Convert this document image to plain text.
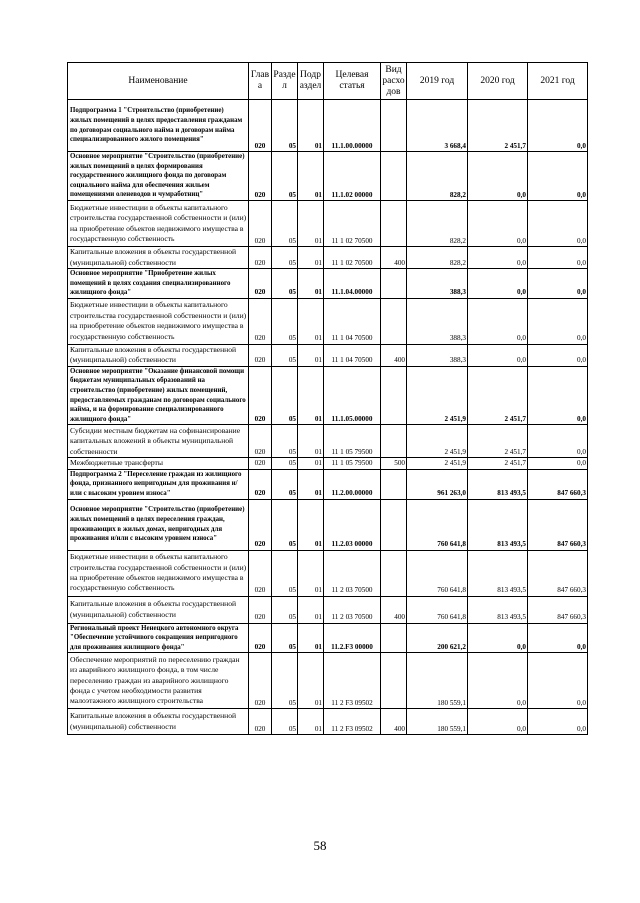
Наименование	Глав а	Разде л	Подр аздел	Целевая статья	Вид расхо дов	2019 год	2020 год	2021 год
Подпрограмма 1 "Строительство (приобретение) жилых помещений в целях предоставления гражданам по договорам социального найма и договорам найма специализированного жилого помещения"	020	05	01	11.1.00.00000		3 668,4	2 451,7	0,0
Основное мероприятие "Строительство (приобретение) жилых помещений в целях формирования государственного жилищного фонда по договорам социального найма для обеспечения жильем помещениями оленеводов и чумработниц"	020	05	01	11.1.02 00000		828,2	0,0	0,0
Бюджетные инвестиции в объекты капитального строительства государственной собственности и (или) на приобретение объектов недвижимого имущества в государственную собственность	020	05	01	11 1 02 70500		828,2	0,0	0,0
Капитальные вложения в объекты государственной (муниципальной) собственности	020	05	01	11 1 02 70500	400	828,2	0,0	0,0
Основное мероприятие "Приобретение жилых помещений в целях создания специализированного жилищного фонда"	020	05	01	11.1.04.00000		388,3	0,0	0,0
Бюджетные инвестиции в объекты капитального строительства государственной собственности и (или) на приобретение объектов недвижимого имущества в государственную собственность	020	05	01	11 1 04 70500		388,3	0,0	0,0
Капитальные вложения в объекты государственной (муниципальной) собственности	020	05	01	11 1 04 70500	400	388,3	0,0	0,0
Основное мероприятие "Оказание финансовой помощи бюджетам муниципальных образований на строительство (приобретение) жилых помещений, предоставляемых гражданам по договорам социального найма, и на формирование специализированного жилищного фонда"	020	05	01	11.1.05.00000		2 451,9	2 451,7	0,0
Субсидии местным бюджетам на софинансирование капитальных вложений в объекты муниципальной собственности	020	05	01	11 1 05 79500		2 451,9	2 451,7	0,0
Межбюджетные трансферты	020	05	01	11 1 05 79500	500	2 451,9	2 451,7	0,0
Подпрограмма 2 "Переселение граждан из жилищного фонда, признанного непригодным для проживания и/или с высоким уровнем износа"	020	05	01	11.2.00.00000		961 263,0	813 493,5	847 660,3
Основное мероприятие "Строительство (приобретение) жилых помещений в целях переселения граждан, проживающих в жилых домах, непригодных для проживания и/или с высоким уровнем износа"	020	05	01	11.2.03 00000		760 641,8	813 493,5	847 660,3
Бюджетные инвестиции в объекты капитального строительства государственной собственности и (или) на приобретение объектов недвижимого имущества в государственную собственность	020	05	01	11 2 03 70500		760 641,8	813 493,5	847 660,3
Капитальные вложения в объекты государственной (муниципальной) собственности	020	05	01	11 2 03 70500	400	760 641,8	813 493,5	847 660,3
Региональный проект Ненецкого автономного округа "Обеспечение устойчивого сокращения непригодного для проживания жилищного фонда"	020	05	01	11.2.F3 00000		200 621,2	0,0	0,0
Обеспечение мероприятий по переселению граждан из аварийного жилищного фонда, в том числе переселению граждан из аварийного жилищного фонда с учетом необходимости развития малоэтажного жилищного строительства	020	05	01	11 2 F3 09502		180 559,1	0,0	0,0
Капитальные вложения в объекты государственной (муниципальной) собственности	020	05	01	11 2 F3 09502	400	180 559,1	0,0	0,0
58
